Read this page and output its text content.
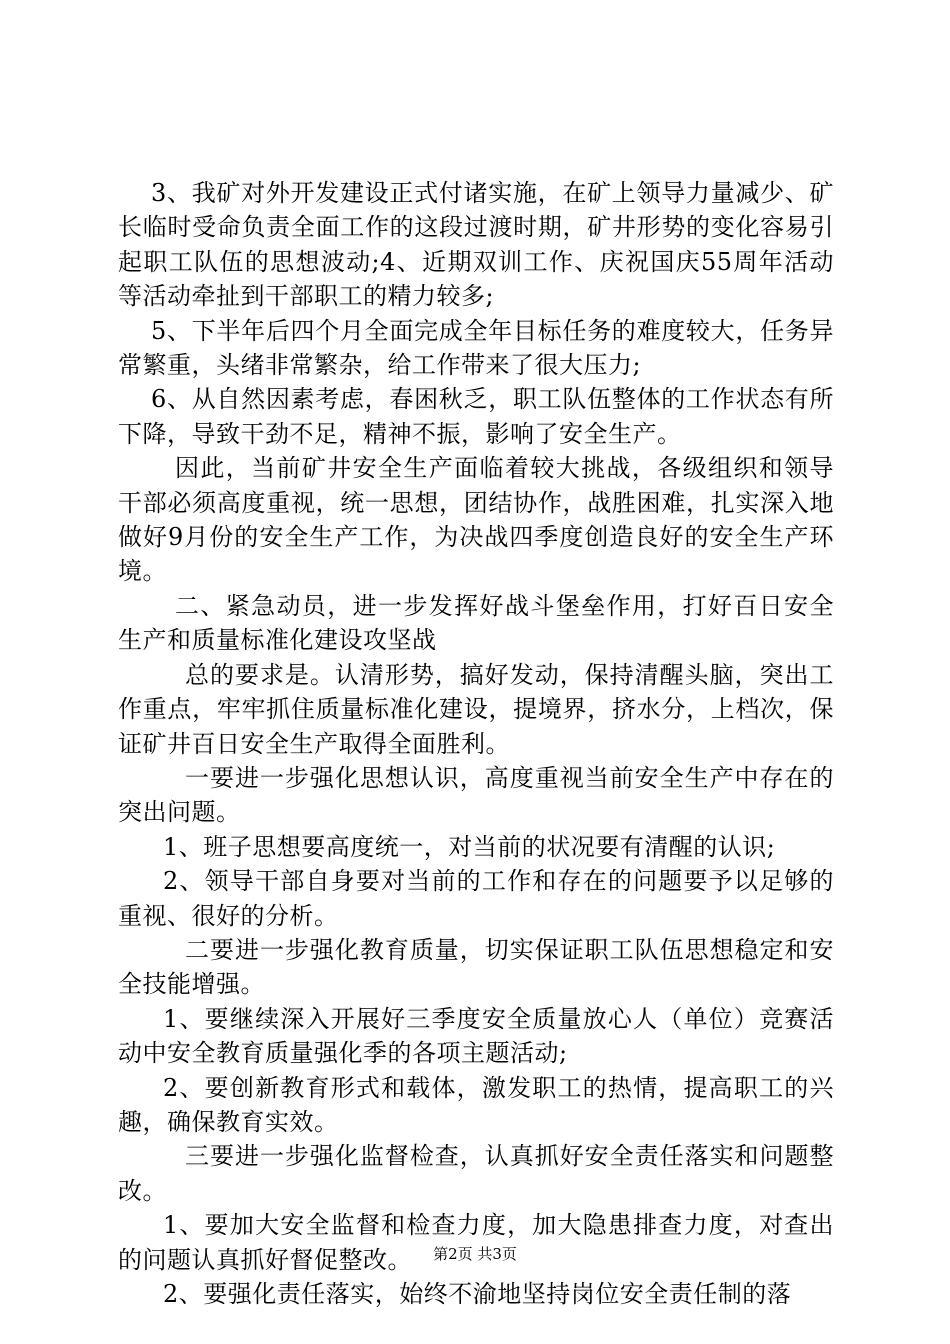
3、我矿对外开发建设正式付诸实施，在矿上领导力量减少、矿长临时受命负责全面工作的这段过渡时期，矿井形势的变化容易引起职工队伍的思想波动;4、近期双训工作、庆祝国庆55周年活动等活动牵扯到干部职工的精力较多;

5、下半年后四个月全面完成全年目标任务的难度较大，任务异常繁重，头绪非常繁杂，给工作带来了很大压力;

6、从自然因素考虑，春困秋乏，职工队伍整体的工作状态有所下降，导致干劲不足，精神不振，影响了安全生产。

因此，当前矿井安全生产面临着较大挑战，各级组织和领导干部必须高度重视，统一思想，团结协作，战胜困难，扎实深入地做好9月份的安全生产工作，为决战四季度创造良好的安全生产环境。

二、紧急动员，进一步发挥好战斗堡垒作用，打好百日安全生产和质量标准化建设攻坚战

总的要求是。认清形势，搞好发动，保持清醒头脑，突出工作重点，牢牢抓住质量标准化建设，提境界，挤水分，上档次，保证矿井百日安全生产取得全面胜利。

一要进一步强化思想认识，高度重视当前安全生产中存在的突出问题。

1、班子思想要高度统一，对当前的状况要有清醒的认识;

2、领导干部自身要对当前的工作和存在的问题要予以足够的重视、很好的分析。

二要进一步强化教育质量，切实保证职工队伍思想稳定和安全技能增强。

1、要继续深入开展好三季度安全质量放心人（单位）竞赛活动中安全教育质量强化季的各项主题活动;

2、要创新教育形式和载体，激发职工的热情，提高职工的兴趣，确保教育实效。

三要进一步强化监督检查，认真抓好安全责任落实和问题整改。

1、要加大安全监督和检查力度，加大隐患排查力度，对查出的问题认真抓好督促整改。

2、要强化责任落实，始终不渝地坚持岗位安全责任制的落

第2页 共3页
